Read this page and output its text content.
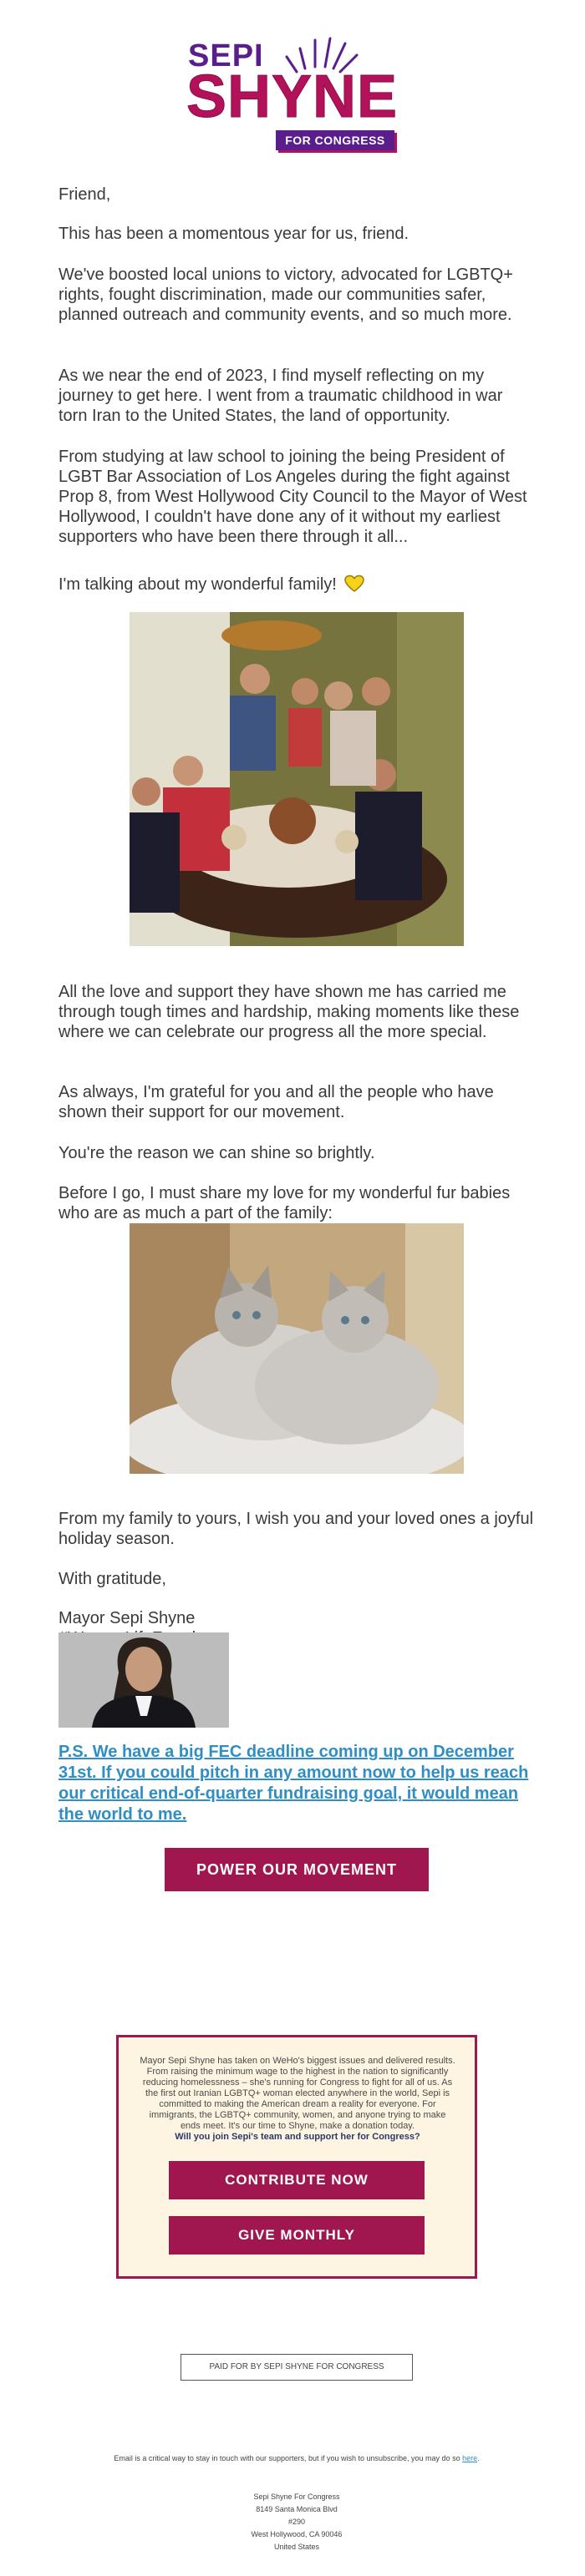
SEPI
SHYNE
FOR CONGRESS

Friend,

This has been a momentous year for us, friend.

We've boosted local unions to victory, advocated for LGBTQ+ rights, fought discrimination, made our communities safer, planned outreach and community events, and so much more.

As we near the end of 2023, I find myself reflecting on my journey to get here. I went from a traumatic childhood in war torn Iran to the United States, the land of opportunity.

From studying at law school to joining the being President of LGBT Bar Association of Los Angeles during the fight against Prop 8, from West Hollywood City Council to the Mayor of West Hollywood, I couldn't have done any of it without my earliest supporters who have been there through it all...

I'm talking about my wonderful family!

All the love and support they have shown me has carried me through tough times and hardship, making moments like these where we can celebrate our progress all the more special.

As always, I'm grateful for you and all the people who have shown their support for our movement.

You're the reason we can shine so brightly.

Before I go, I must share my love for my wonderful fur babies who are as much a part of the family:

From my family to yours, I wish you and your loved ones a joyful holiday season.

With gratitude,

Mayor Sepi Shyne

P.S. We have a big FEC deadline coming up on December 31st. If you could pitch in any amount now to help us reach our critical end-of-quarter fundraising goal, it would mean the world to me.
POWER OUR MOVEMENT
Mayor Sepi Shyne has taken on WeHo's biggest issues and delivered results. From raising the minimum wage to the highest in the nation to significantly reducing homelessness – she's running for Congress to fight for all of us. As the first out Iranian LGBTQ+ woman elected anywhere in the world, Sepi is committed to making the American dream a reality for everyone. For immigrants, the LGBTQ+ community, women, and anyone trying to make ends meet. It's our time to Shyne, make a donation today.
Will you join Sepi's team and support her for Congress?
CONTRIBUTE NOW
GIVE MONTHLY
PAID FOR BY SEPI SHYNE FOR CONGRESS
Email is a critical way to stay in touch with our supporters, but if you wish to unsubscribe, you may do so here.
Sepi Shyne For Congress
8149 Santa Monica Blvd
#290
West Hollywood, CA 90046
United States
